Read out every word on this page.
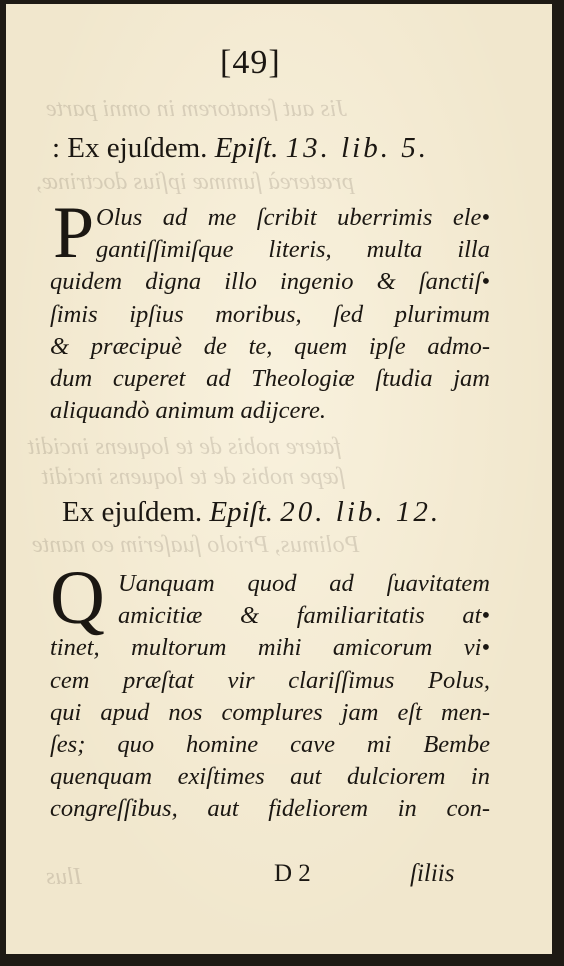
Jis aut ſenatorem in omni parte
prætereà ſummæ ipſius doctrinæ,
fatere nobis de te loquens incidit
ſæpe nobis de te loquens incidit
Polimus, Priolo ſuaſerim eo nante
Ilus
[49]
: Ex ejuſdem. Epiſt. 13. lib. 5.
P Olus ad me ſcribit uberrimis ele•
gantiſſimiſque literis, multa illa
quidem digna illo ingenio & ſanctiſ•
ſimis ipſius moribus, ſed plurimum
& præcipuè de te, quem ipſe admo-
dum cuperet ad Theologiæ ſtudia jam
aliquandò animum adijcere.
Ex ejuſdem. Epiſt. 20. lib. 12.
Q Uanquam quod ad ſuavitatem
amicitiæ & familiaritatis at•
tinet, multorum mihi amicorum vi•
cem præſtat vir clariſſimus Polus,
qui apud nos complures jam eſt men-
ſes; quo homine cave mi Bembe
quenquam exiſtimes aut dulciorem in
congreſſibus, aut fideliorem in con-
D 2	ſiliis
